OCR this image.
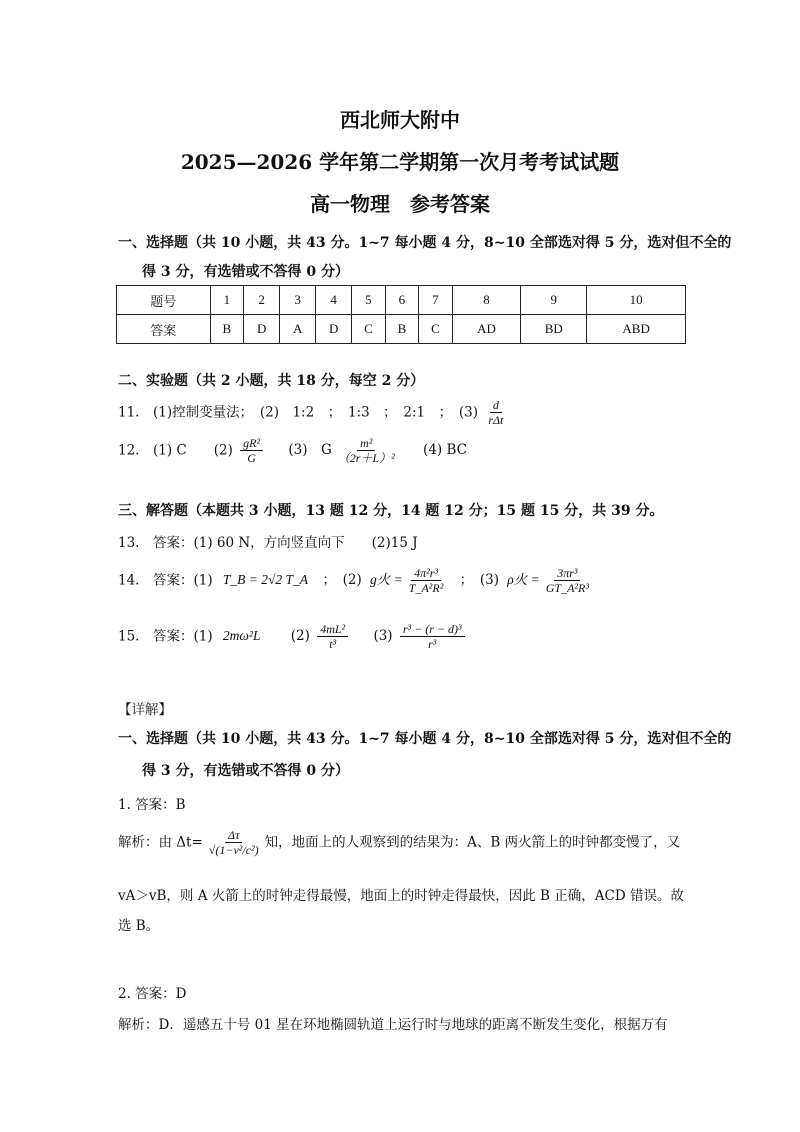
西北师大附中
2025—2026 学年第二学期第一次月考考试试题
高一物理　参考答案
一、选择题（共 10 小题，共 43 分。1~7 每小题 4 分，8~10 全部选对得 5 分，选对但不全的
得 3 分，有选错或不答得 0 分）
题号	1	2	3	4	5	6	7	8	9	10
答案	B	D	A	D	C	B	C	AD	BD	ABD
二、实验题（共 2 小题，共 18 分，每空 2 分）
11.　(1)控制变量法；　(2)　1:2　；　1:3　；　2:1　；　$(3) \frac{d}{\text{rΔt}}$
12.　(1) C　　$(2) \frac{\text{gR²}}{G} (3)$　G $\frac{\text{m²}}{\text{（2r＋L）²}} (4)$ BC
三、解答题（本题共 3 小题，13 题 12 分，14 题 12 分；15 题 15 分，共 39 分。
13.　答案：(1) 60 N，方向竖直向下　　(2)15 J
14.　答案：(1) T_B = 2√2 T_A ；　(2) g火 = $\frac{\text{4π²r³}}{\text{T\_A²R²}}$ ；　(3) ρ火 = $\frac{\text{3πr³}}{\text{GT\_A²R³}}$
15.　答案：(1) 2mω²L $(2) \frac{\text{4mL²}}{\text{t³}} (3) \frac{\text{r³ − (r − d)³}}{\text{r³}}$
【详解】
一、选择题（共 10 小题，共 43 分。1~7 每小题 4 分，8~10 全部选对得 5 分，选对但不全的
得 3 分，有选错或不答得 0 分）
1. 答案：B
解析：由 $\Delta t= \frac{\Delta\tau}{\text{√(1−v²/c²)}}$ 知，地面上的人观察到的结果为：A、B 两火箭上的时钟都变慢了，又
vA＞vB，则 A 火箭上的时钟走得最慢，地面上的时钟走得最快，因此 B 正确，ACD 错误。故
选 B。
2. 答案：D
解析：D．遥感五十号 01 星在环地椭圆轨道上运行时与地球的距离不断发生变化，根据万有
